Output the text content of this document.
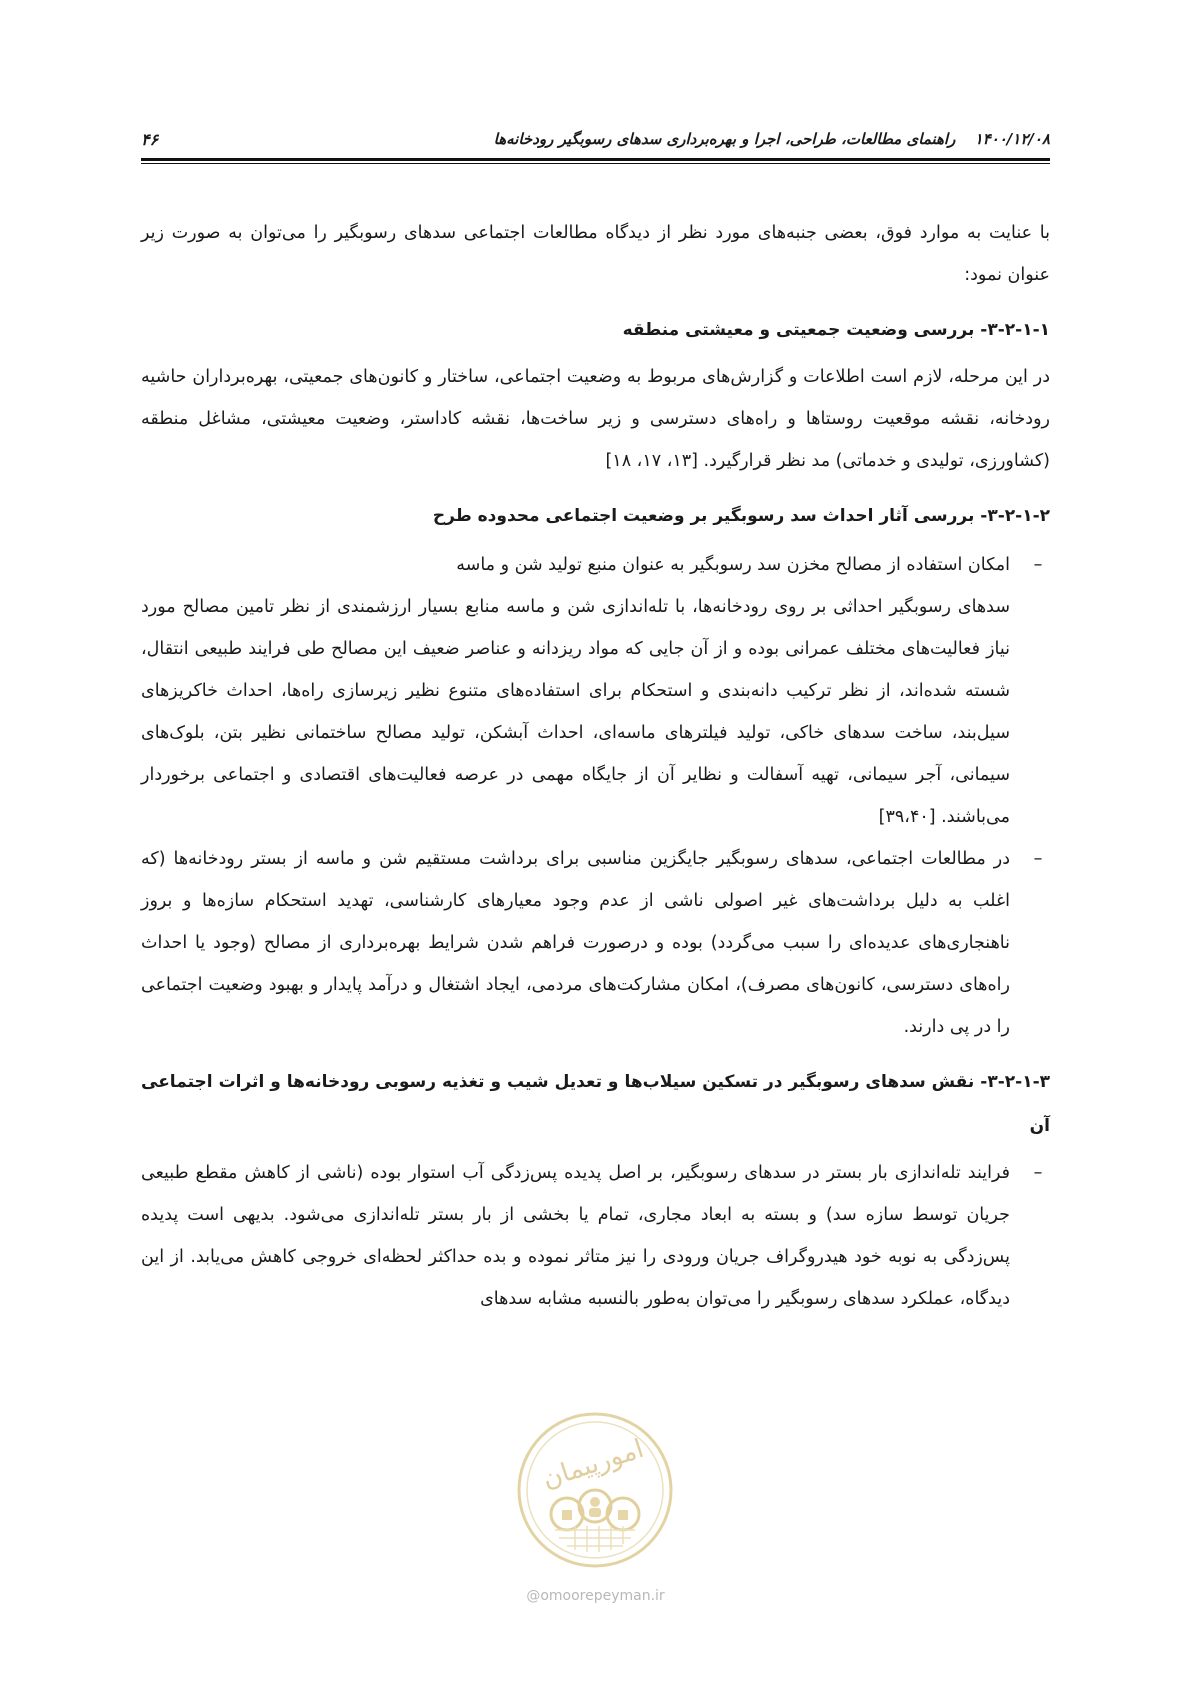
۴۶	۱۴۰۰/۱۲/۰۸ راهنمای مطالعات، طراحی، اجرا و بهره‌برداری سدهای رسوبگیر رودخانه‌ها

با عنایت به موارد فوق، بعضی جنبه‌های مورد نظر از دیدگاه مطالعات اجتماعی سدهای رسوبگیر را می‌توان به صورت زیر عنوان نمود:

۳-۲-۱-۱- بررسی وضعیت جمعیتی و معیشتی منطقه

در این مرحله، لازم است اطلاعات و گزارش‌های مربوط به وضعیت اجتماعی، ساختار و کانون‌های جمعیتی، بهره‌برداران حاشیه رودخانه، نقشه موقعیت روستاها و راه‌های دسترسی و زیر ساخت‌ها، نقشه کاداستر، وضعیت معیشتی، مشاغل منطقه (کشاورزی، تولیدی و خدماتی) مد نظر قرارگیرد. [۱۳، ۱۷، ۱۸]

۳-۲-۱-۲- بررسی آثار احداث سد رسوبگیر بر وضعیت اجتماعی محدوده طرح
–

امکان استفاده از مصالح مخزن سد رسوبگیر به عنوان منبع تولید شن و ماسه

سدهای رسوبگیر احداثی بر روی رودخانه‌ها، با تله‌اندازی شن و ماسه منابع بسیار ارزشمندی از نظر تامین مصالح مورد نیاز فعالیت‌های مختلف عمرانی بوده و از آن جایی که مواد ریزدانه و عناصر ضعیف این مصالح طی فرایند طبیعی انتقال، شسته شده‌اند، از نظر ترکیب دانه‌بندی و استحکام برای استفاده‌های متنوع نظیر زیرسازی راه‌ها، احداث خاکریزهای سیل‌بند، ساخت سدهای خاکی، تولید فیلترهای ماسه‌ای، احداث آبشکن، تولید مصالح ساختمانی نظیر بتن، بلوک‌های سیمانی، آجر سیمانی، تهیه آسفالت و نظایر آن از جایگاه مهمی در عرصه فعالیت‌های اقتصادی و اجتماعی برخوردار می‌باشند. [۳۹،۴۰]

–

در مطالعات اجتماعی، سدهای رسوبگیر جایگزین مناسبی برای برداشت مستقیم شن و ماسه از بستر رودخانه‌ها (که اغلب به دلیل برداشت‌های غیر اصولی ناشی از عدم وجود معیارهای کارشناسی، تهدید استحکام سازه‌ها و بروز ناهنجاری‌های عدیده‌ای را سبب می‌گردد) بوده و درصورت فراهم شدن شرایط بهره‌برداری از مصالح (وجود یا احداث راه‌های دسترسی، کانون‌های مصرف)، امکان مشارکت‌های مردمی، ایجاد اشتغال و درآمد پایدار و بهبود وضعیت اجتماعی را در پی دارند.

۳-۲-۱-۳- نقش سدهای رسوبگیر در تسکین سیلاب‌ها و تعدیل شیب و تغذیه رسوبی رودخانه‌ها و اثرات اجتماعی آن
–

فرایند تله‌اندازی بار بستر در سدهای رسوبگیر، بر اصل پدیده پس‌زدگی آب استوار بوده (ناشی از کاهش مقطع طبیعی جریان توسط سازه سد) و بسته به ابعاد مجاری، تمام یا بخشی از بار بستر تله‌اندازی می‌شود. بدیهی است پدیده پس‌زدگی به نوبه خود هیدروگراف جریان ورودی را نیز متاثر نموده و بده حداکثر لحظه‌ای خروجی کاهش می‌یابد. از این دیدگاه، عملکرد سدهای رسوبگیر را می‌توان به‌طور بالنسبه مشابه سدهای

امورپیمان
@omoorepeyman.ir
